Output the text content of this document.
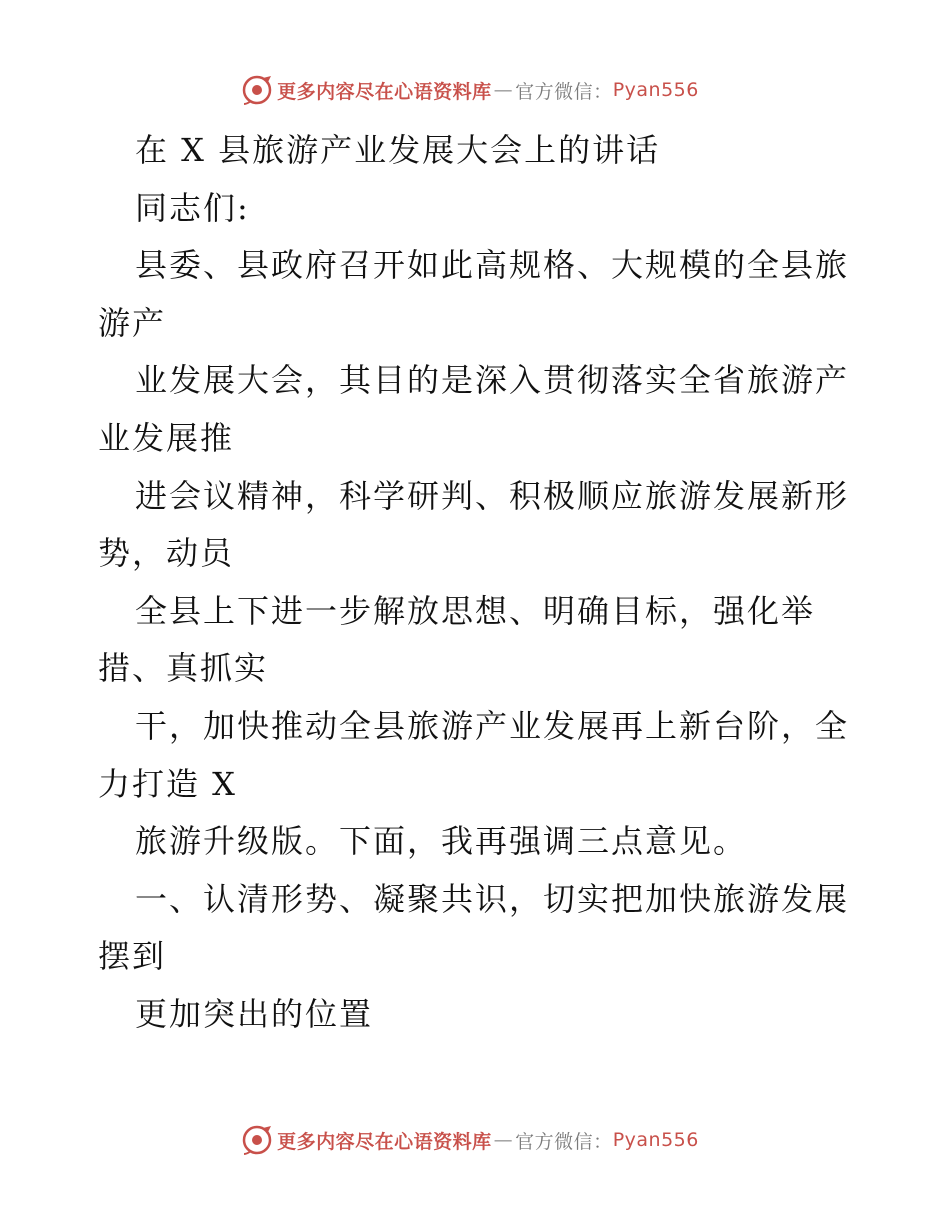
更多内容尽在心语资料库 — 官方微信： Pyan556
在 X 县旅游产业发展大会上的讲话
同志们:
县委、县政府召开如此高规格、大规模的全县旅
游产
业发展大会，其目的是深入贯彻落实全省旅游产
业发展推
进会议精神，科学研判、积极顺应旅游发展新形
势，动员
全县上下进一步解放思想、明确目标，强化举
措、真抓实
干，加快推动全县旅游产业发展再上新台阶，全
力打造 X
旅游升级版。下面，我再强调三点意见。
一、认清形势、凝聚共识，切实把加快旅游发展
摆到
更加突出的位置
更多内容尽在心语资料库 — 官方微信： Pyan556
